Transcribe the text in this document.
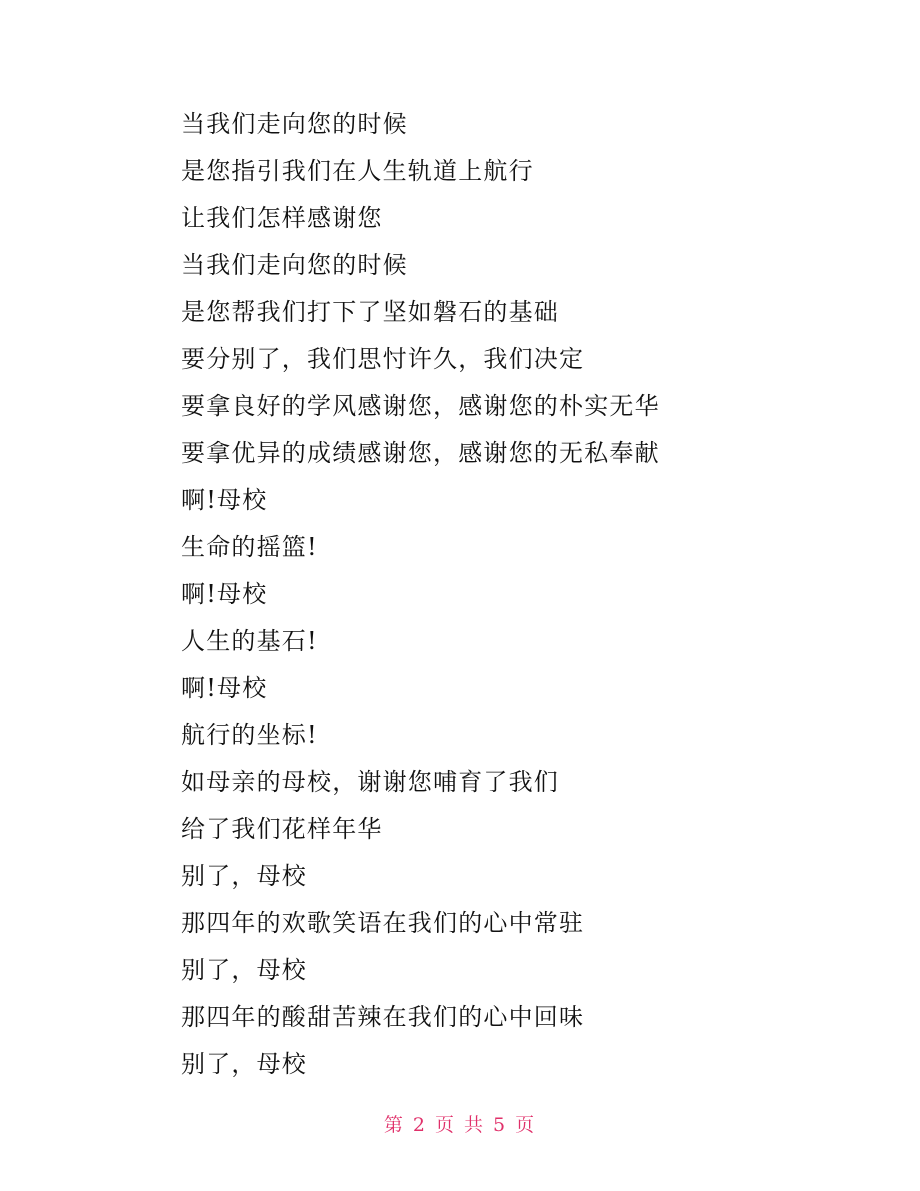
当我们走向您的时候
是您指引我们在人生轨道上航行
让我们怎样感谢您
当我们走向您的时候
是您帮我们打下了坚如磐石的基础
要分别了，我们思忖许久，我们决定
要拿良好的学风感谢您，感谢您的朴实无华
要拿优异的成绩感谢您，感谢您的无私奉献
啊!母校
生命的摇篮!
啊!母校
人生的基石!
啊!母校
航行的坐标!
如母亲的母校，谢谢您哺育了我们
给了我们花样年华
别了，母校
那四年的欢歌笑语在我们的心中常驻
别了，母校
那四年的酸甜苦辣在我们的心中回味
别了，母校
第 2 页 共 5 页
